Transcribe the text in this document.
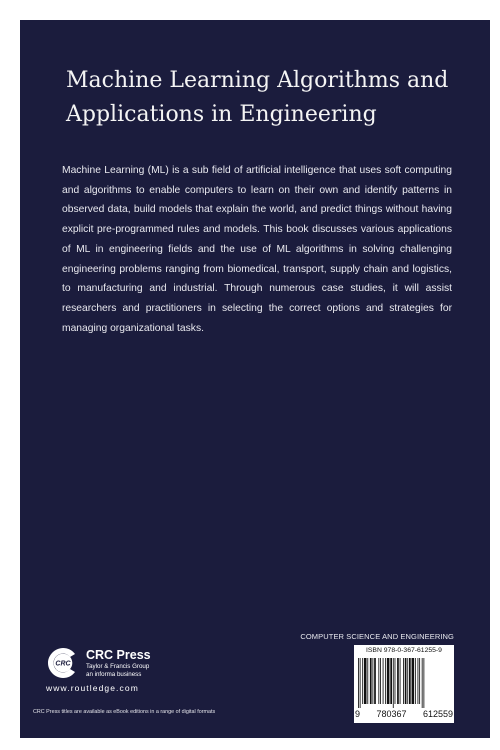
Machine Learning Algorithms and Applications in Engineering

Machine Learning (ML) is a sub field of artificial intelligence that uses soft computing and algorithms to enable computers to learn on their own and identify patterns in observed data, build models that explain the world, and predict things without having explicit pre-programmed rules and models. This book discusses various applications of ML in engineering fields and the use of ML algorithms in solving challenging engineering problems ranging from biomedical, transport, supply chain and logistics, to manufacturing and industrial. Through numerous case studies, it will assist researchers and practitioners in selecting the correct options and strategies for managing organizational tasks.

COMPUTER SCIENCE AND ENGINEERING
CRC
CRC Press
Taylor & Francis Group
an informa business
www.routledge.com
CRC Press titles are available as eBook editions in a range of digital formats
ISBN 978-0-367-61255-9
9 780367 612559
